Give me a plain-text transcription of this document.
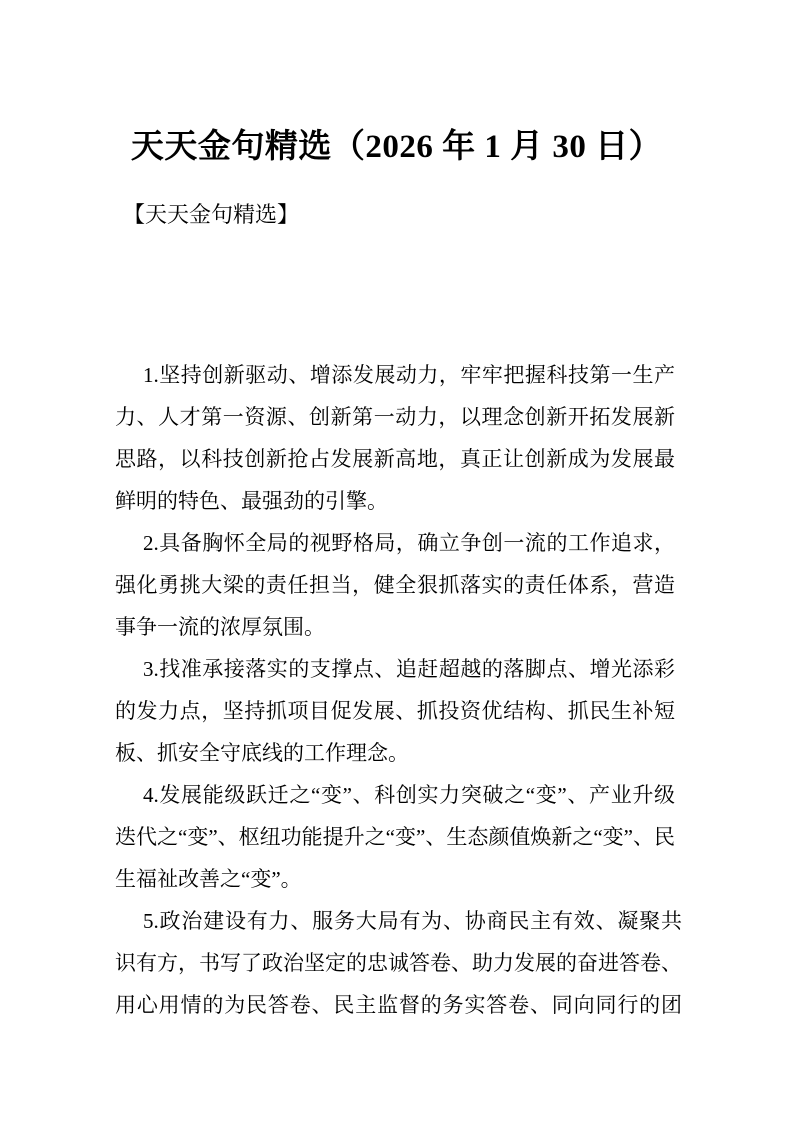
天天金句精选（2026 年 1 月 30 日）
【天天金句精选】

1.坚持创新驱动、增添发展动力，牢牢把握科技第一生产力、人才第一资源、创新第一动力，以理念创新开拓发展新思路，以科技创新抢占发展新高地，真正让创新成为发展最鲜明的特色、最强劲的引擎。

2.具备胸怀全局的视野格局，确立争创一流的工作追求，强化勇挑大梁的责任担当，健全狠抓落实的责任体系，营造事争一流的浓厚氛围。

3.找准承接落实的支撑点、追赶超越的落脚点、增光添彩的发力点，坚持抓项目促发展、抓投资优结构、抓民生补短板、抓安全守底线的工作理念。

4.发展能级跃迁之“变”、科创实力突破之“变”、产业升级迭代之“变”、枢纽功能提升之“变”、生态颜值焕新之“变”、民生福祉改善之“变”。

5.政治建设有力、服务大局有为、协商民主有效、凝聚共识有方，书写了政治坚定的忠诚答卷、助力发展的奋进答卷、用心用情的为民答卷、民主监督的务实答卷、同向同行的团
